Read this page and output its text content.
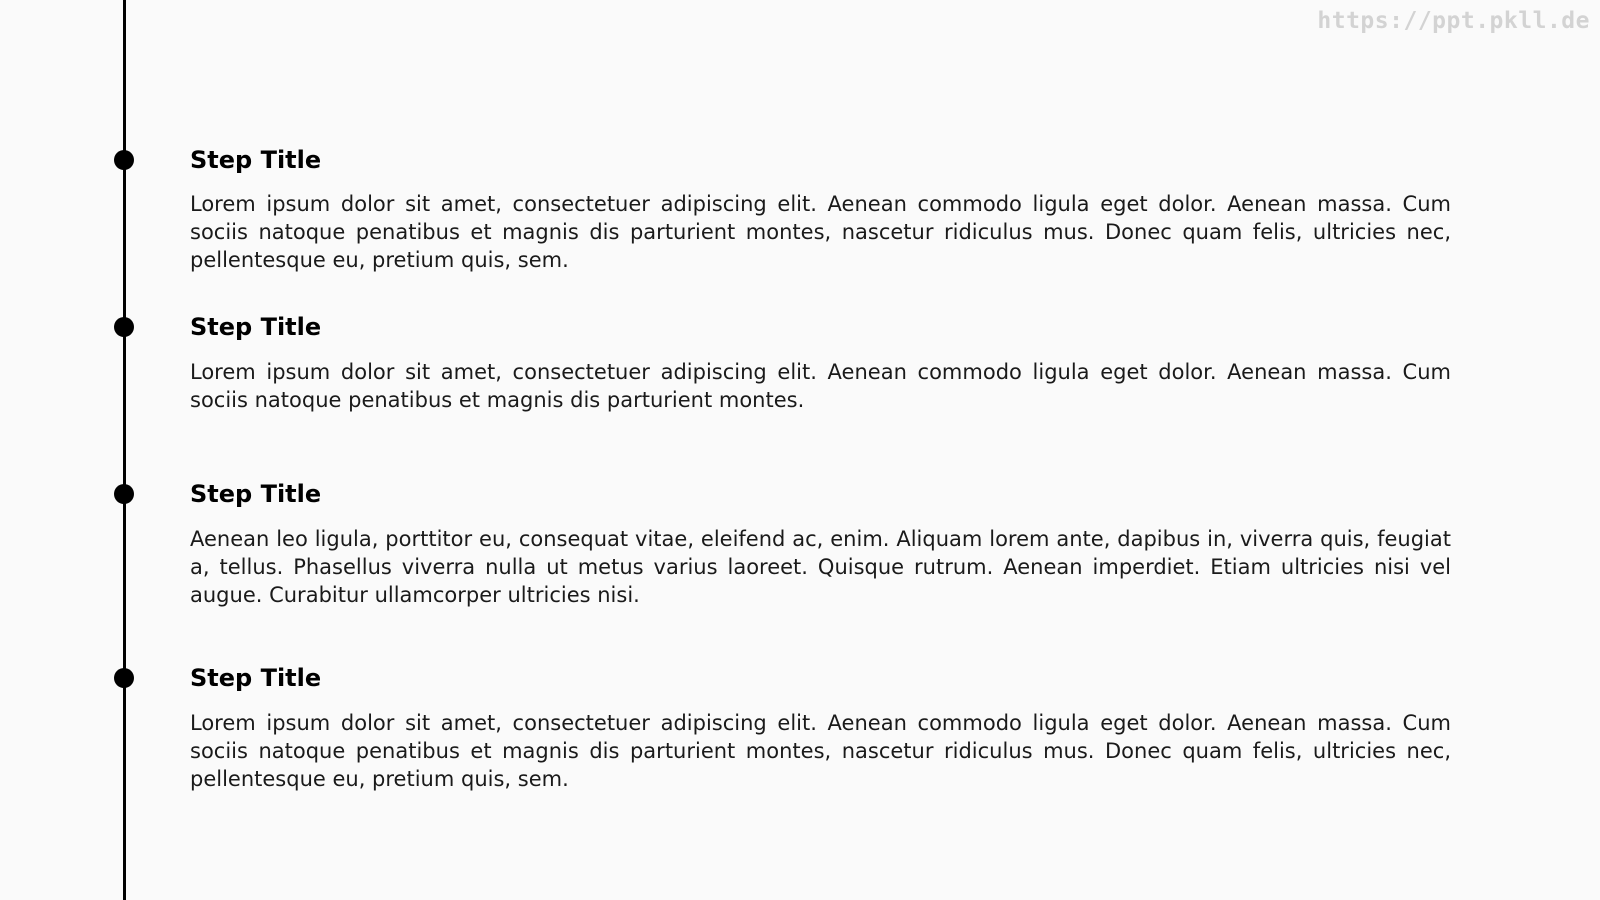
https://ppt.pkll.de
Step Title
Lorem ipsum dolor sit amet, consectetuer adipiscing elit. Aenean commodo ligula eget dolor. Aenean massa. Cum sociis natoque penatibus et magnis dis parturient montes, nascetur ridiculus mus. Donec quam felis, ultricies nec, pellentesque eu, pretium quis, sem.
Step Title
Lorem ipsum dolor sit amet, consectetuer adipiscing elit. Aenean commodo ligula eget dolor. Aenean massa. Cum sociis natoque penatibus et magnis dis parturient montes.
Step Title
Aenean leo ligula, porttitor eu, consequat vitae, eleifend ac, enim. Aliquam lorem ante, dapibus in, viverra quis, feugiat a, tellus. Phasellus viverra nulla ut metus varius laoreet. Quisque rutrum. Aenean imperdiet. Etiam ultricies nisi vel augue. Curabitur ullamcorper ultricies nisi.
Step Title
Lorem ipsum dolor sit amet, consectetuer adipiscing elit. Aenean commodo ligula eget dolor. Aenean massa. Cum sociis natoque penatibus et magnis dis parturient montes, nascetur ridiculus mus. Donec quam felis, ultricies nec, pellentesque eu, pretium quis, sem.
